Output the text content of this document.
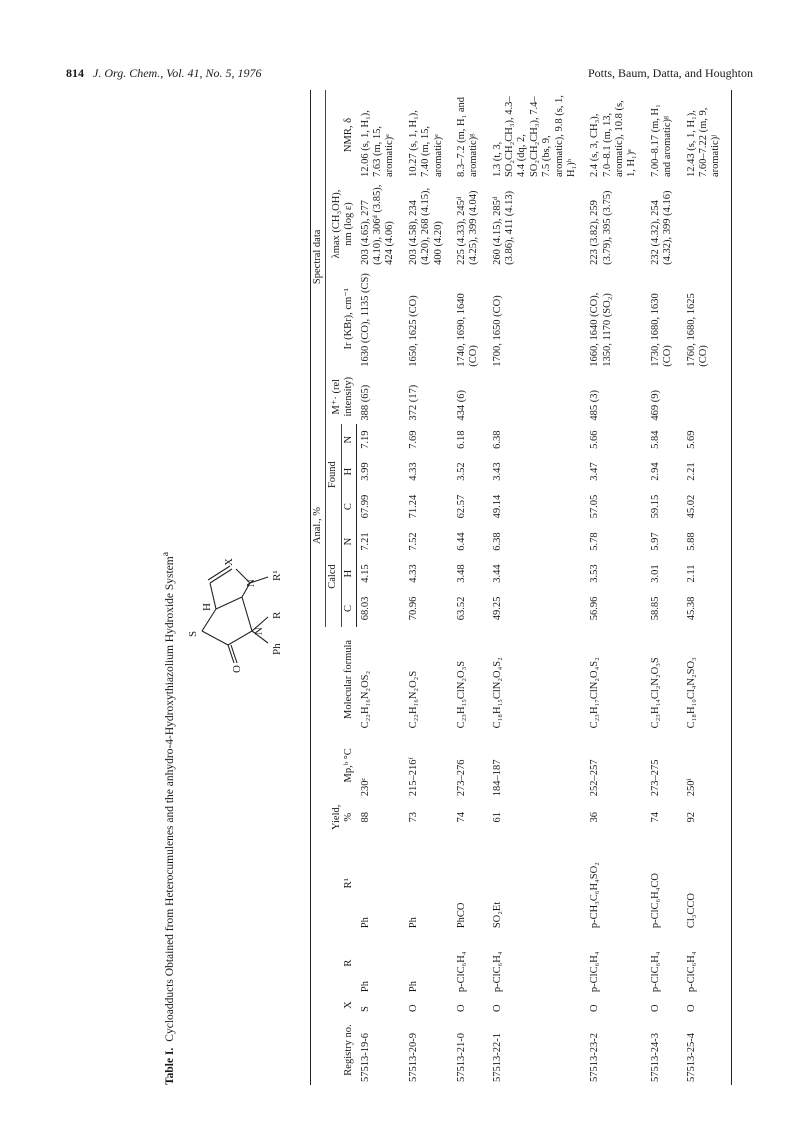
814 J. Org. Chem., Vol. 41, No. 5, 1976	Potts, Baum, Datta, and Houghton
Table I.Cycloadducts Obtained from Heterocumulenes and the anhydro-4-Hydroxythiazolium Hydroxide System$^a$
S
H
X
O
N
N
Ph
R
R¹
Registry no.	X	R	R¹	Yield, %	Mp,ᵇ °C	Molecular formula	Anal., %						Spectral data			
							Calcd			Found			M⁺· (rel intensity)	Ir (KBr), cm⁻¹	λmax (CH₃OH), nm (log ε)	NMR, δ
							C	H	N	C	H	N				
57513-19-6	S	Ph	Ph	88	230ᶜ	C₂₂H₁₆N₂OS₂	68.03	4.15	7.21	67.99	3.99	7.19	388 (65)	1630 (CO), 1135 (CS)	203 (4.65), 277 (4.10), 306ᵈ (3.85), 424 (4.06)	12.06 (s, 1, H₁), 7.63 (m, 15, aromatic)ᵉ
57513-20-9	O	Ph	Ph	73	215–216ᶠ	C₂₂H₁₆N₂O₂S	70.96	4.33	7.52	71.24	4.33	7.69	372 (17)	1650, 1625 (CO)	203 (4.58), 234 (4.20), 268 (4.15), 400 (4.20)	10.27 (s, 1, H₁), 7.40 (m, 15, aromatic)ᵉ
57513-21-0	O	p-ClC₆H₄	PhCO	74	273–276	C₂₃H₁₅ClN₂O₃S	63.52	3.48	6.44	62.57	3.52	6.18	434 (6)	1740, 1690, 1640 (CO)	225 (4.33), 245ᵈ (4.25), 399 (4.04)	8.3–7.2 (m, H₁ and aromatic)ᵍ
57513-22-1	O	p-ClC₆H₄	SO₂Et	61	184–187	C₁₈H₁₅ClN₂O₄S₂	49.25	3.44	6.38	49.14	3.43	6.38		1700, 1650 (CO)	260 (4.15), 285ᵈ (3.86), 411 (4.13)	1.3 (t, 3, SO₂CH₂CH₃), 4.3–4.4 (dq, 2, SO₂CH₂CH₃), 7.4–7.5 (bs, 9, aromatic), 9.8 (s, 1, H₁)ʰ
57513-23-2	O	p-ClC₆H₄	p-CH₃C₆H₄SO₂	36	252–257	C₂₃H₁₇ClN₂O₄S₂	56.96	3.53	5.78	57.05	3.47	5.66	485 (3)	1660, 1640 (CO), 1350, 1170 (SO₂)	223 (3.82), 259 (3.79), 395 (3.75)	2.4 (s, 3, CH₃), 7.0–8.1 (m, 13, aromatic), 10.8 (s, 1, H₁)ᵉ
57513-24-3	O	p-ClC₆H₄	p-ClC₆H₄CO	74	273–275	C₂₃H₁₄Cl₂N₂O₃S	58.85	3.01	5.97	59.15	2.94	5.84	469 (9)	1730, 1680, 1630 (CO)	232 (4.32), 254 (4.32), 399 (4.16)	7.00–8.17 (m, H₁ and aromatic)ᵍ
57513-25-4	O	p-ClC₆H₄	Cl₃CCO	92	250ⁱ	C₁₈H₁₀Cl₄N₂SO₃	45.38	2.11	5.88	45.02	2.21	5.69		1760, 1680, 1625 (CO)		12.43 (s, 1, H₁), 7.60–7.22 (m, 9, aromatic)ʲ
